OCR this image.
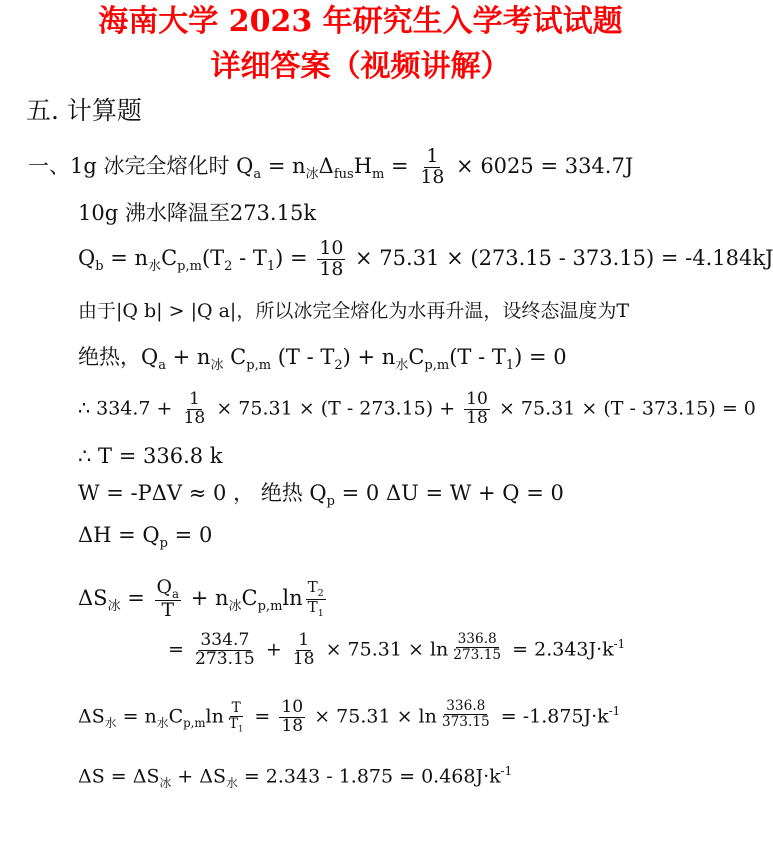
海南大学 2023 年研究生入学考试试题
详细答案（视频讲解）
五. 计算题
一、1g 冰完全熔化时 $Q_a = n_冰\Delta_{fus}H_m = \frac{1}{18} \times 6025 = 334.7J$
10g 沸水降温至273.15k
$Q_b = n_水C_{p,m}(T_2 - T_1) = \frac{10}{18} \times 75.31 \times (273.15 - 373.15) = -4.184kJ$
由于|Q b| > |Q a|，所以冰完全熔化为水再升温，设终态温度为T
绝热，$Q_a + n_冰$ $C_{p,m}$ $(T - T_2) + n_水C_{p,m}(T - T_1) = 0$
∴ $334.7 + \frac{1}{18} \times 75.31 \times (T - 273.15) + \frac{10}{18} \times 75.31 \times (T - 373.15) = 0$
∴ T = 336.8 k
W = -PΔV ≈ 0 ， 绝热 $Q_p = 0$ ΔU = W + Q = 0
$\Delta H = Q_p = 0$
$\Delta S_冰 = \frac{Q_a}{T} + n_冰C_{p,m}\ln \frac{T_2}{T_1}$
= $\frac{334.7}{273.15} + \frac{1}{18} \times 75.31 \times \ln \frac{336.8}{273.15} = 2.343J\cdot k^{-1}$
$\Delta S_水 = n_水C_{p,m}\ln \frac{T}{T_1} = \frac{10}{18} \times 75.31 \times \ln \frac{336.8}{373.15} = -1.875J\cdot k^{-1}$
$\Delta S = \Delta S_冰 + \Delta S_水 = 2.343 - 1.875 = 0.468J\cdot k^{-1}$
